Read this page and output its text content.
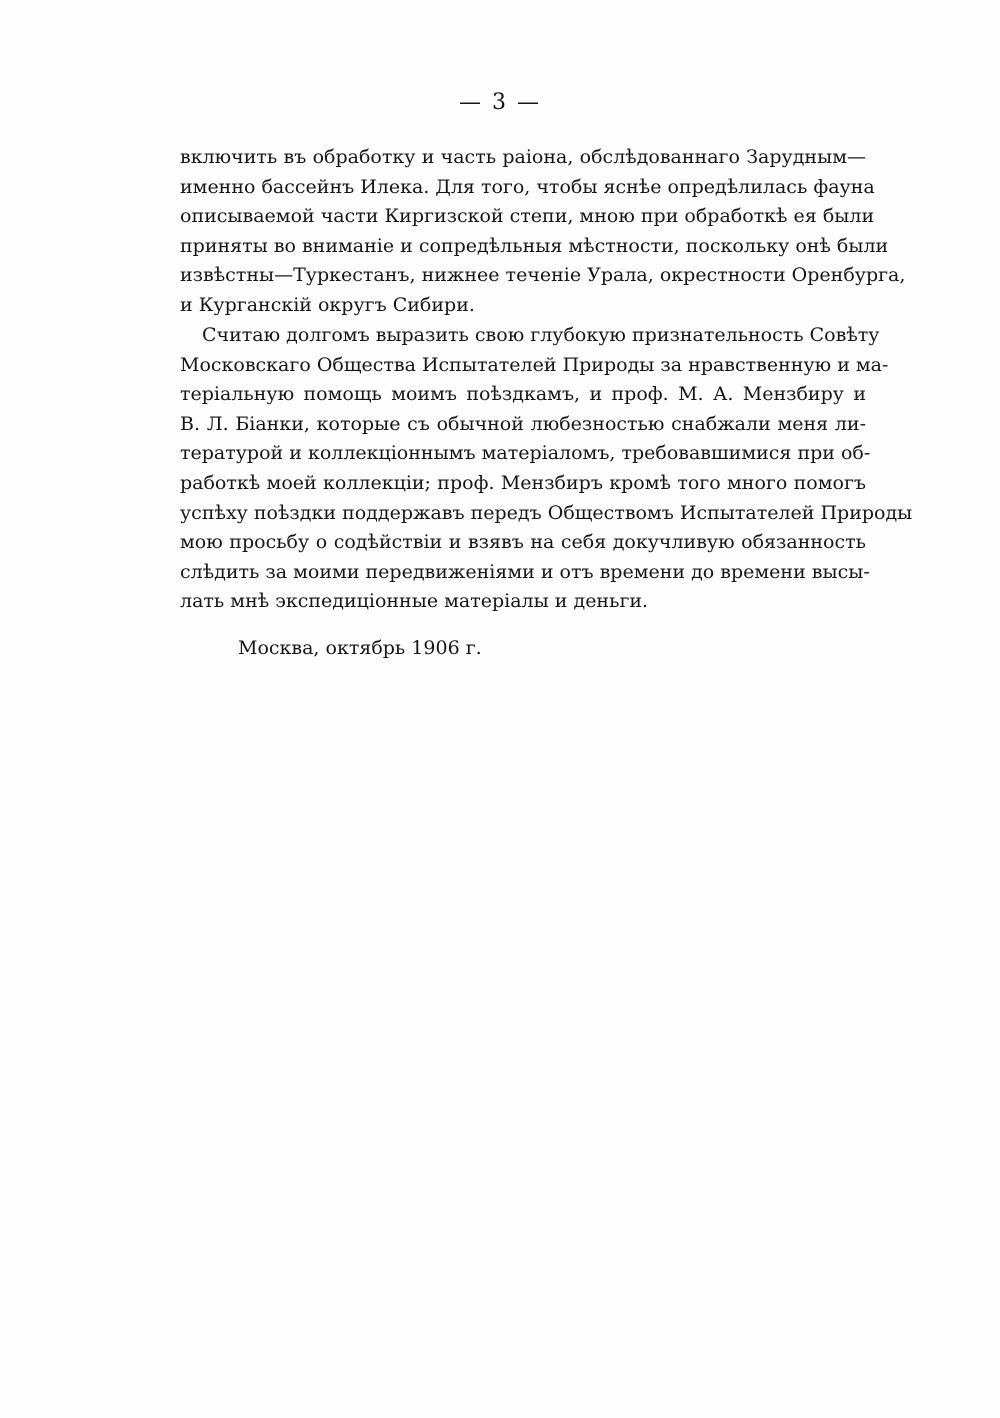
— 3 —
включить въ обработку и часть раіона, обслѣдованнаго Зарудным—
именно бассейнъ Илека. Для того, чтобы яснѣе опредѣлилась фауна
описываемой части Киргизской степи, мною при обработкѣ ея были
приняты во вниманіе и сопредѣльныя мѣстности, поскольку онѣ были
извѣстны—Туркестанъ, нижнее теченіе Урала, окрестности Оренбурга,
и Курганскій округъ Сибири.
Считаю долгомъ выразить свою глубокую признательность Совѣту
Московскаго Общества Испытателей Природы за нравственную и ма-
теріальную помощь моимъ поѣздкамъ, и проф. М. А. Мензбиру и
В. Л. Біанки, которые съ обычной любезностью снабжали меня ли-
тературой и коллекціоннымъ матеріаломъ, требовавшимися при об-
работкѣ моей коллекціи; проф. Мензбиръ кромѣ того много помогъ
успѣху поѣздки поддержавъ передъ Обществомъ Испытателей Природы
мою просьбу о содѣйствіи и взявъ на себя докучливую обязанность
слѣдить за моими передвиженіями и отъ времени до времени высы-
лать мнѣ экспедиціонные матеріалы и деньги.
Москва, октябрь 1906 г.
